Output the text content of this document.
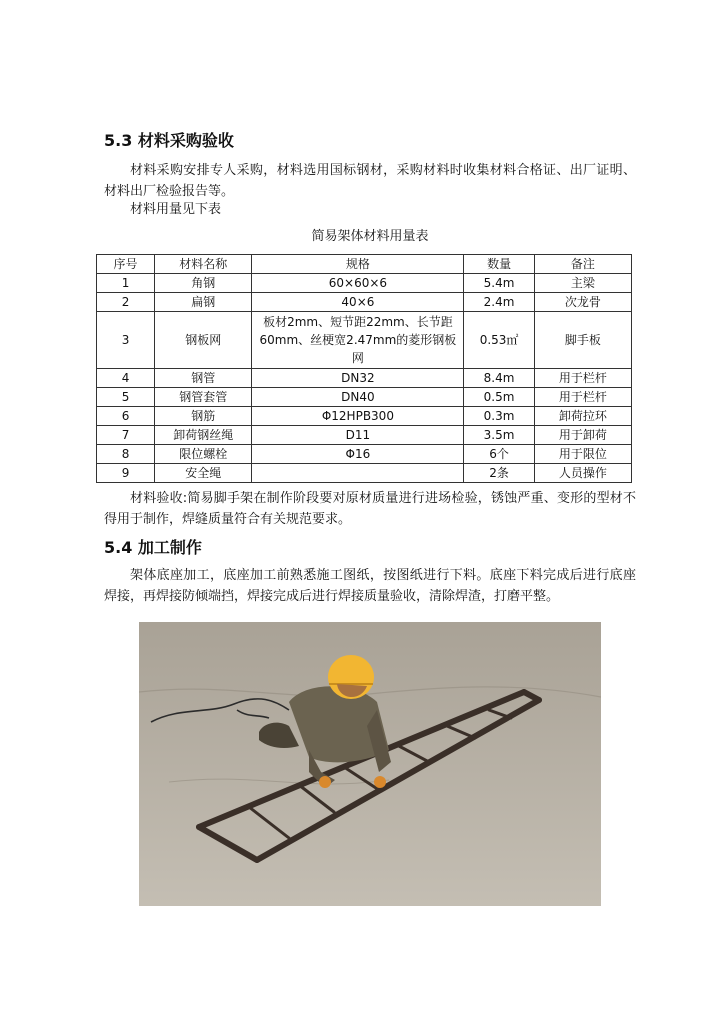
5.3 材料采购验收

材料采购安排专人采购，材料选用国标钢材，采购材料时收集材料合格证、出厂证明、材料出厂检验报告等。

材料用量见下表

简易架体材料用量表
序号	材料名称	规格	数量	备注
1	角钢	60×60×6	5.4m	主梁
2	扁钢	40×6	2.4m	次龙骨
3	钢板网	板材2mm、短节距22mm、长节距60mm、丝梗宽2.47mm的菱形钢板网	0.53㎡	脚手板
4	钢管	DN32	8.4m	用于栏杆
5	钢管套管	DN40	0.5m	用于栏杆
6	钢筋	Φ12HPB300	0.3m	卸荷拉环
7	卸荷钢丝绳	D11	3.5m	用于卸荷
8	限位螺栓	Φ16	6个	用于限位
9	安全绳		2条	人员操作

材料验收:简易脚手架在制作阶段要对原材质量进行进场检验，锈蚀严重、变形的型材不得用于制作，焊缝质量符合有关规范要求。

5.4 加工制作

架体底座加工，底座加工前熟悉施工图纸，按图纸进行下料。底座下料完成后进行底座焊接，再焊接防倾端挡，焊接完成后进行焊接质量验收，清除焊渣，打磨平整。
